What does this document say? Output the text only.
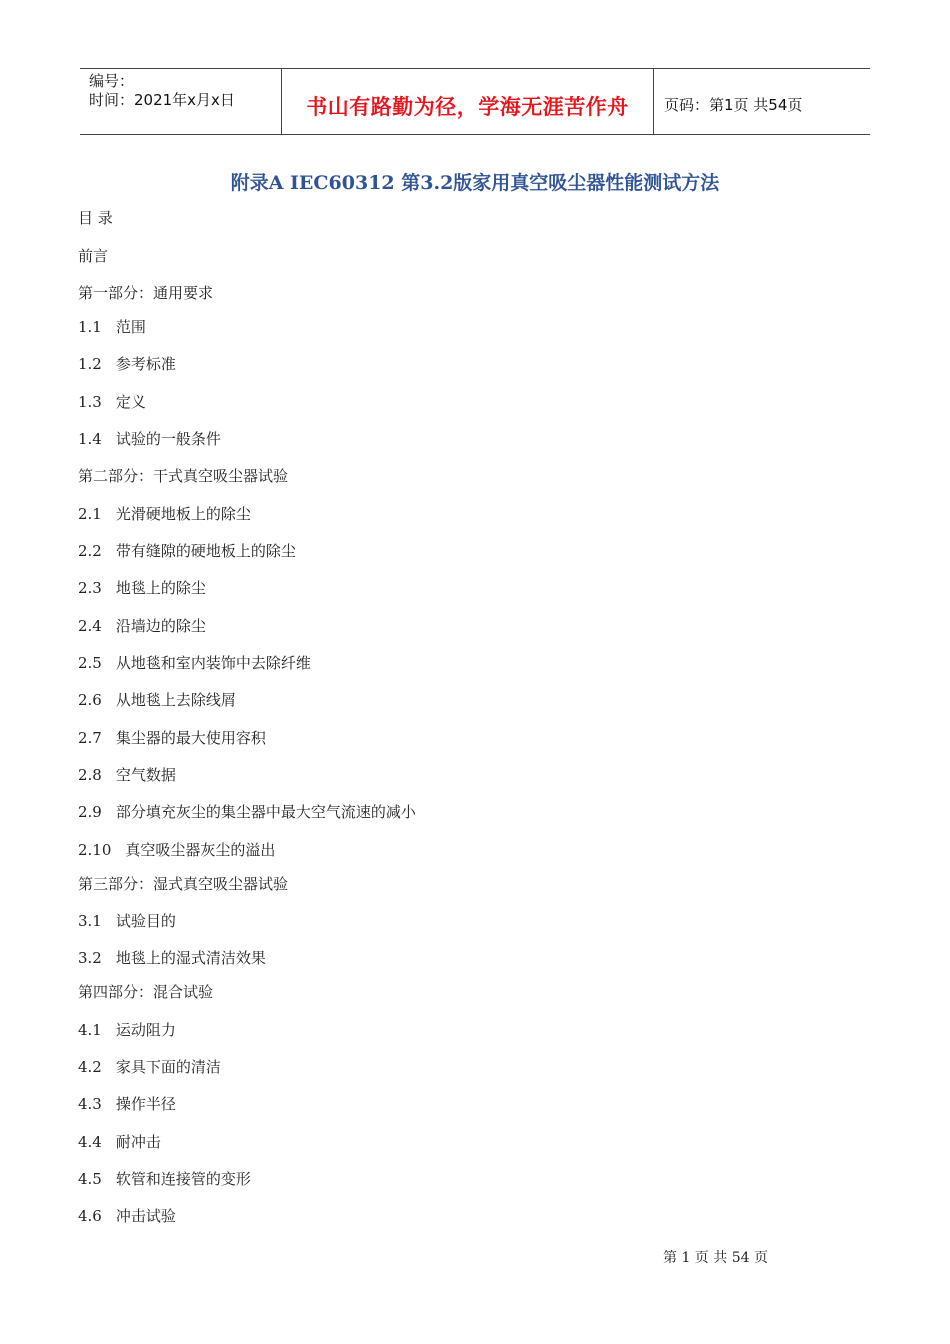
编号：
时间：2021年x月x日	书山有路勤为径，学海无涯苦作舟	页码：第1页 共54页
附录A IEC60312 第3.2版家用真空吸尘器性能测试方法
目 录
前言
第一部分：通用要求
1.1 范围
1.2 参考标准
1.3 定义
1.4 试验的一般条件
第二部分：干式真空吸尘器试验
2.1 光滑硬地板上的除尘
2.2 带有缝隙的硬地板上的除尘
2.3 地毯上的除尘
2.4 沿墙边的除尘
2.5 从地毯和室内装饰中去除纤维
2.6 从地毯上去除线屑
2.7 集尘器的最大使用容积
2.8 空气数据
2.9 部分填充灰尘的集尘器中最大空气流速的减小
2.10 真空吸尘器灰尘的溢出
第三部分：湿式真空吸尘器试验
3.1 试验目的
3.2 地毯上的湿式清洁效果
第四部分：混合试验
4.1 运动阻力
4.2 家具下面的清洁
4.3 操作半径
4.4 耐冲击
4.5 软管和连接管的变形
4.6 冲击试验
第 1 页 共 54 页
